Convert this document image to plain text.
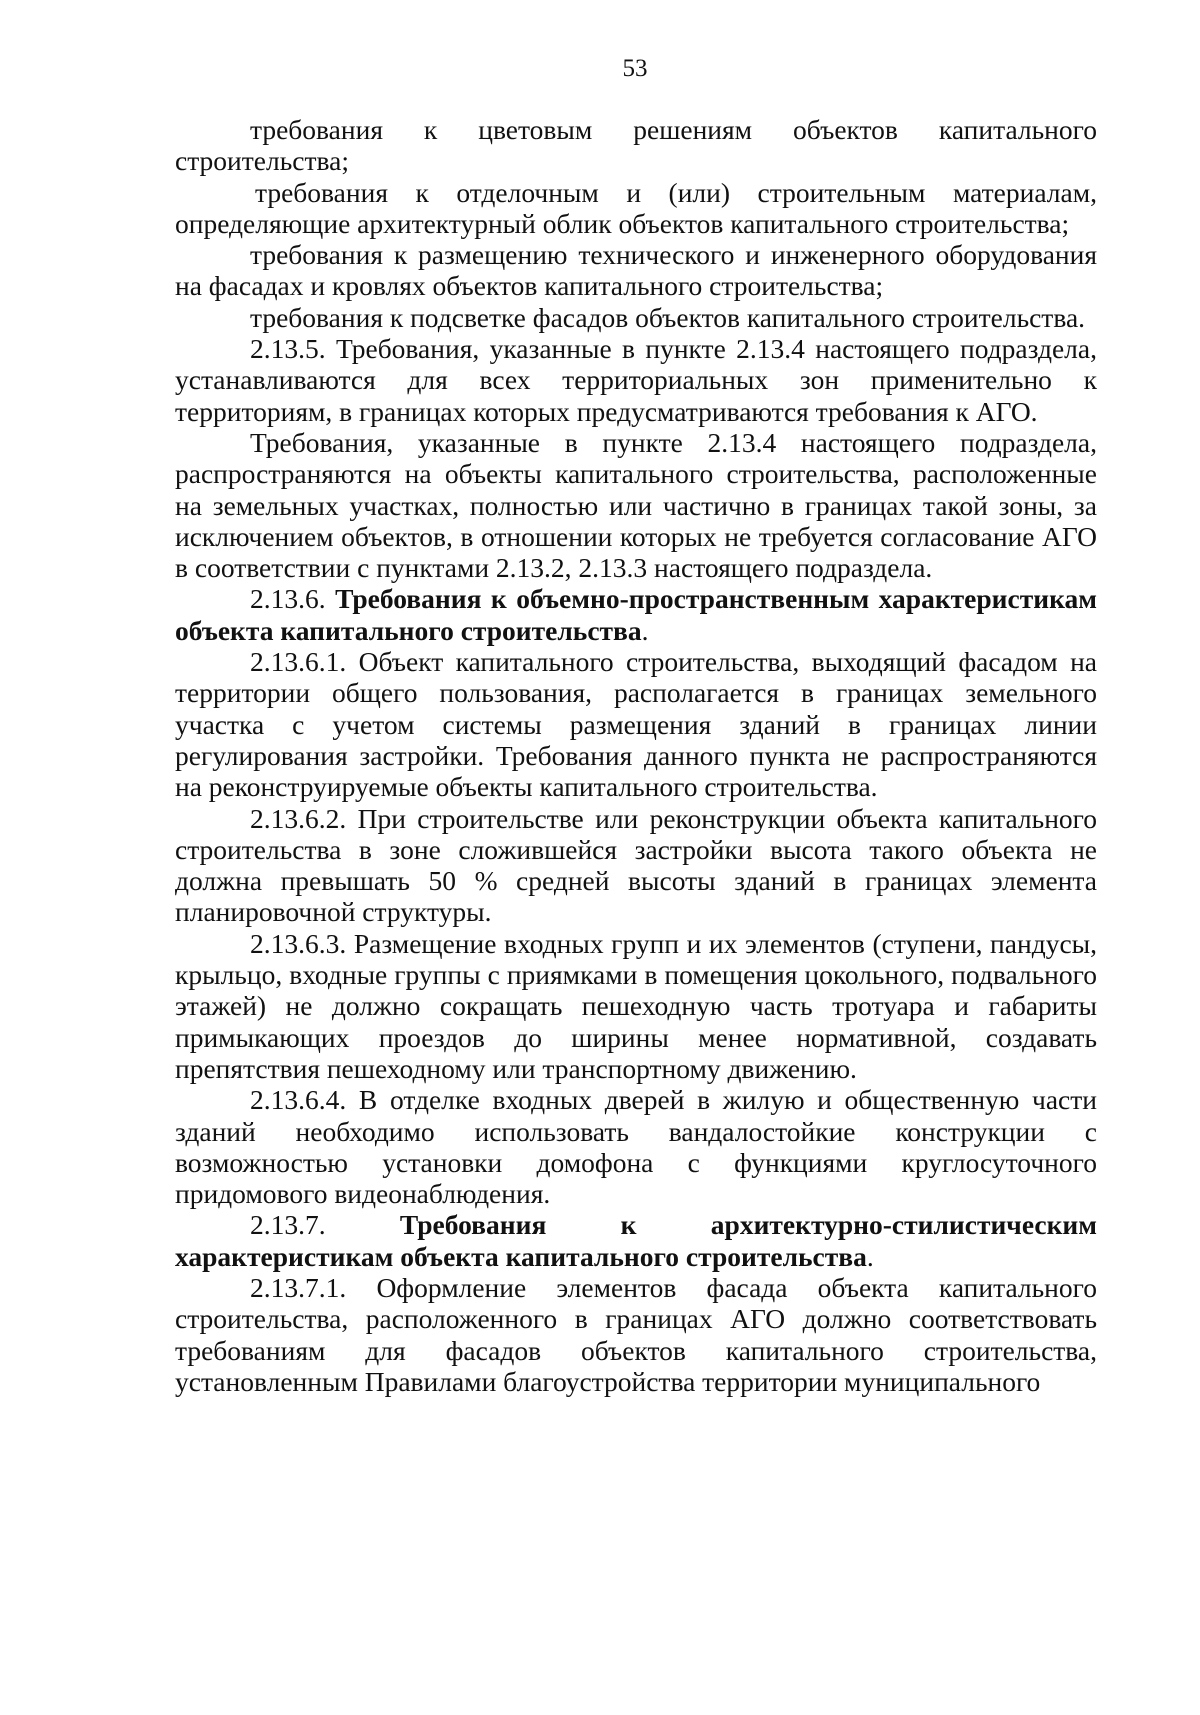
53

требования к цветовым решениям объектов капитального строительства;

требования к отделочным и (или) строительным материалам, определяющие архитектурный облик объектов капитального строительства;

требования к размещению технического и инженерного оборудования на фасадах и кровлях объектов капитального строительства;

требования к подсветке фасадов объектов капитального строительства.

2.13.5. Требования, указанные в пункте 2.13.4 настоящего подраздела, устанавливаются для всех территориальных зон применительно к территориям, в границах которых предусматриваются требования к АГО.

Требования, указанные в пункте 2.13.4 настоящего подраздела, распространяются на объекты капитального строительства, расположенные на земельных участках, полностью или частично в границах такой зоны, за исключением объектов, в отношении которых не требуется согласование АГО в соответствии с пунктами 2.13.2, 2.13.3 настоящего подраздела.

2.13.6. Требования к объемно-пространственным характеристикам объекта капитального строительства.

2.13.6.1. Объект капитального строительства, выходящий фасадом на территории общего пользования, располагается в границах земельного участка с учетом системы размещения зданий в границах линии регулирования застройки. Требования данного пункта не распространяются на реконструируемые объекты капитального строительства.

2.13.6.2. При строительстве или реконструкции объекта капитального строительства в зоне сложившейся застройки высота такого объекта не должна превышать 50 % средней высоты зданий в границах элемента планировочной структуры.

2.13.6.3. Размещение входных групп и их элементов (ступени, пандусы, крыльцо, входные группы с приямками в помещения цокольного, подвального этажей) не должно сокращать пешеходную часть тротуара и габариты примыкающих проездов до ширины менее нормативной, создавать препятствия пешеходному или транспортному движению.

2.13.6.4. В отделке входных дверей в жилую и общественную части зданий необходимо использовать вандалостойкие конструкции с возможностью установки домофона с функциями круглосуточного придомового видеонаблюдения.

2.13.7.	Требования к архитектурно-стилистическим характеристикам объекта капитального строительства.

2.13.7.1. Оформление элементов фасада объекта капитального строительства, расположенного в границах АГО должно соответствовать требованиям для фасадов объектов капитального строительства, установленным Правилами благоустройства территории муниципального
